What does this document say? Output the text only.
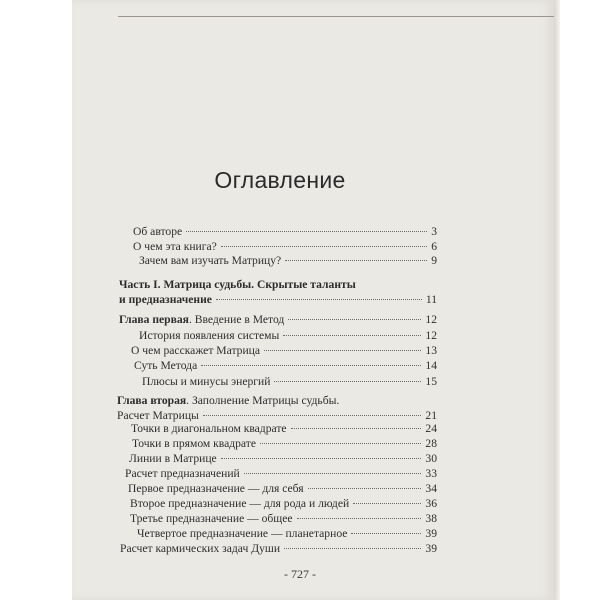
Оглавление
Об авторе	3
О чем эта книга?	6
Зачем вам изучать Матрицу?	9
Часть I. Матрица судьбы. Скрытые таланты
и предназначение	11
Глава первая. Введение в Метод	12
История появления системы	12
О чем расскажет Матрица	13
Суть Метода	14
Плюсы и минусы энергий	15
Глава вторая. Заполнение Матрицы судьбы.
Расчет Матрицы	21
Точки в диагональном квадрате	24
Точки в прямом квадрате	28
Линии в Матрице	30
Расчет предназначений	33
Первое предназначение — для себя	34
Второе предназначение — для рода и людей	36
Третье предназначение — общее	38
Четвертое предназначение — планетарное	39
Расчет кармических задач Души	39
- 727 -
